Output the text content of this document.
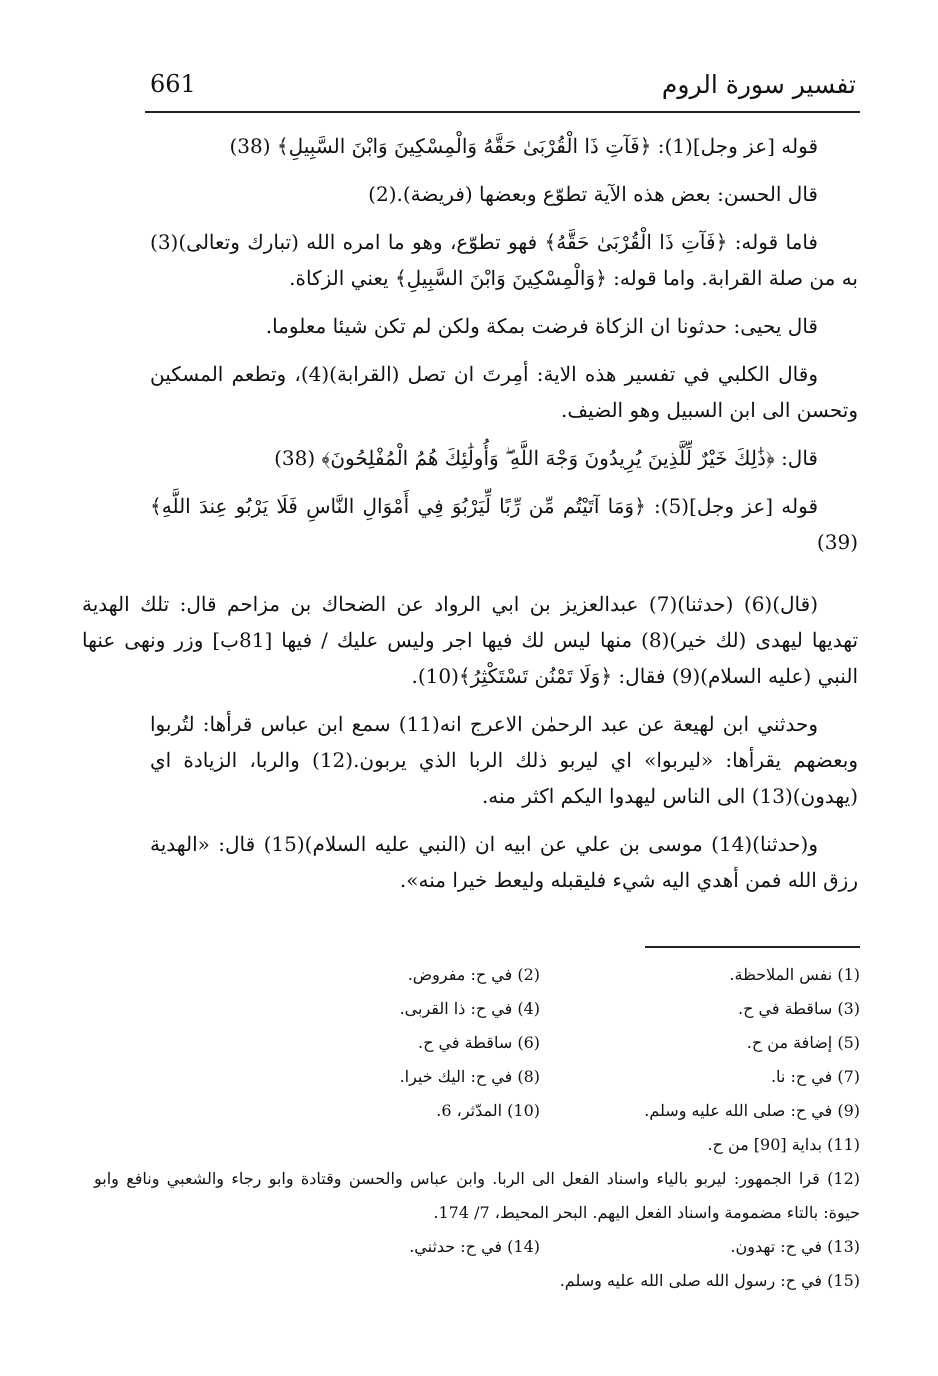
تفسير سورة الروم
661

قوله [عز وجل](1): ﴿فَآتِ ذَا الْقُرْبَىٰ حَقَّهُ وَالْمِسْكِينَ وَابْنَ السَّبِيلِ﴾ (38)

قال الحسن: بعض هذه الآية تطوّع وبعضها (فريضة).(2)

فاما قوله: ﴿فَآتِ ذَا الْقُرْبَىٰ حَقَّهُ﴾ فهو تطوّع، وهو ما امره الله (تبارك وتعالى)(3) به من صلة القرابة. واما قوله: ﴿وَالْمِسْكِينَ وَابْنَ السَّبِيلِ﴾ يعني الزكاة.

قال يحيى: حدثونا ان الزكاة فرضت بمكة ولكن لم تكن شيئا معلوما.

وقال الكلبي في تفسير هذه الاية: أمِرتَ ان تصل (القرابة)(4)، وتطعم المسكين وتحسن الى ابن السبيل وهو الضيف.

قال: ﴿ذَٰلِكَ خَيْرٌ لِّلَّذِينَ يُرِيدُونَ وَجْهَ اللَّهِ ۖ وَأُولَٰئِكَ هُمُ الْمُفْلِحُونَ﴾ (38)

قوله [عز وجل](5): ﴿وَمَا آتَيْتُم مِّن رِّبًا لِّيَرْبُوَ فِي أَمْوَالِ النَّاسِ فَلَا يَرْبُو عِندَ اللَّهِ﴾ (39)

(قال)(6) (حدثنا)(7) عبدالعزيز بن ابي الرواد عن الضحاك بن مزاحم قال: تلك الهدية تهديها ليهدى (لك خير)(8) منها ليس لك فيها اجر وليس عليك / فيها [81ب] وزر ونهى عنها النبي (عليه السلام)(9) فقال: ﴿وَلَا تَمْنُن تَسْتَكْثِرُ﴾(10).

وحدثني ابن لهيعة عن عبد الرحمٰن الاعرج انه(11) سمع ابن عباس قرأها: لتُربوا وبعضهم يقرأها: «ليربوا» اي ليربو ذلك الربا الذي يربون.(12) والربا، الزيادة اي (يهدون)(13) الى الناس ليهدوا اليكم اكثر منه.

و(حدثنا)(14) موسى بن علي عن ابيه ان (النبي عليه السلام)(15) قال: «الهدية رزق الله فمن أهدي اليه شيء فليقبله وليعط خيرا منه».

(1) نفس الملاحظة.
(2) في ح: مفروض.
(3) ساقطة في ح.
(4) في ح: ذا القربى.
(5) إضافة من ح.
(6) ساقطة في ح.
(7) في ح: نا.
(8) في ح: اليك خيرا.
(9) في ح: صلى الله عليه وسلم.
(10) المدّثر، 6.
(11) بداية [90] من ح.
(12) قرا الجمهور: ليربو بالياء واسناد الفعل الى الربا. وابن عباس والحسن وقتادة وابو رجاء والشعبي ونافع وابو حيوة: بالتاء مضمومة واسناد الفعل اليهم. البحر المحيط، 7/ 174.
(13) في ح: تهدون.
(14) في ح: حدثني.
(15) في ح: رسول الله صلى الله عليه وسلم.
